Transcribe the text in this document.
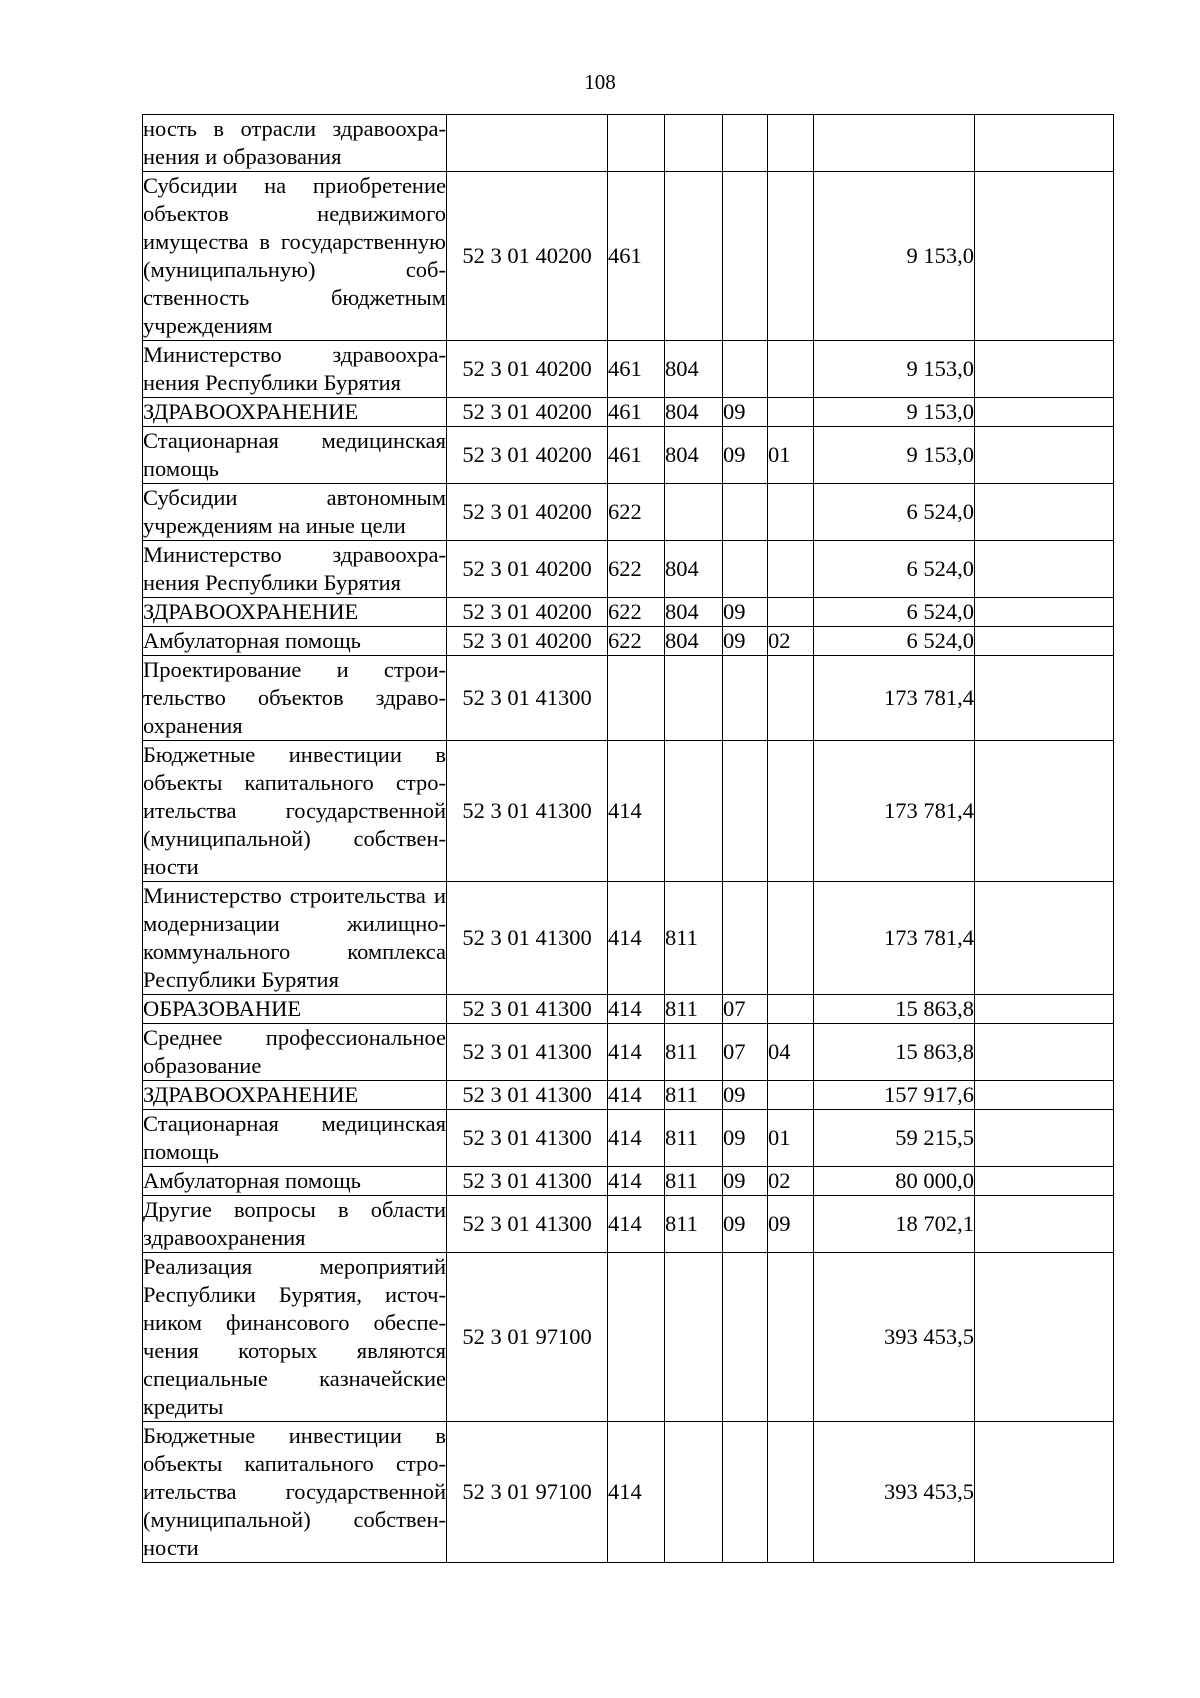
108
ность в отрасли здравоохранения и образования							
Субсидии на приобретение объектов недвижимого имущества в государственную (муниципальную) собственность бюджетным учреждениям	52 3 01 40200	461				9 153,0	
Министерство здравоохранения Республики Бурятия	52 3 01 40200	461	804			9 153,0	
ЗДРАВООХРАНЕНИЕ	52 3 01 40200	461	804	09		9 153,0	
Стационарная медицинская помощь	52 3 01 40200	461	804	09	01	9 153,0	
Субсидии автономным учреждениям на иные цели	52 3 01 40200	622				6 524,0	
Министерство здравоохранения Республики Бурятия	52 3 01 40200	622	804			6 524,0	
ЗДРАВООХРАНЕНИЕ	52 3 01 40200	622	804	09		6 524,0	
Амбулаторная помощь	52 3 01 40200	622	804	09	02	6 524,0	
Проектирование и строительство объектов здравоохранения	52 3 01 41300					173 781,4	
Бюджетные инвестиции в объекты капитального строительства государственной (муниципальной) собственности	52 3 01 41300	414				173 781,4	
Министерство строительства и модернизации жилищно-коммунального комплекса Республики Бурятия	52 3 01 41300	414	811			173 781,4	
ОБРАЗОВАНИЕ	52 3 01 41300	414	811	07		15 863,8	
Среднее профессиональное образование	52 3 01 41300	414	811	07	04	15 863,8	
ЗДРАВООХРАНЕНИЕ	52 3 01 41300	414	811	09		157 917,6	
Стационарная медицинская помощь	52 3 01 41300	414	811	09	01	59 215,5	
Амбулаторная помощь	52 3 01 41300	414	811	09	02	80 000,0	
Другие вопросы в области здравоохранения	52 3 01 41300	414	811	09	09	18 702,1	
Реализация мероприятий Республики Бурятия, источником финансового обеспечения которых являются специальные казначейские кредиты	52 3 01 97100					393 453,5	
Бюджетные инвестиции в объекты капитального строительства государственной (муниципальной) собственности	52 3 01 97100	414				393 453,5	
